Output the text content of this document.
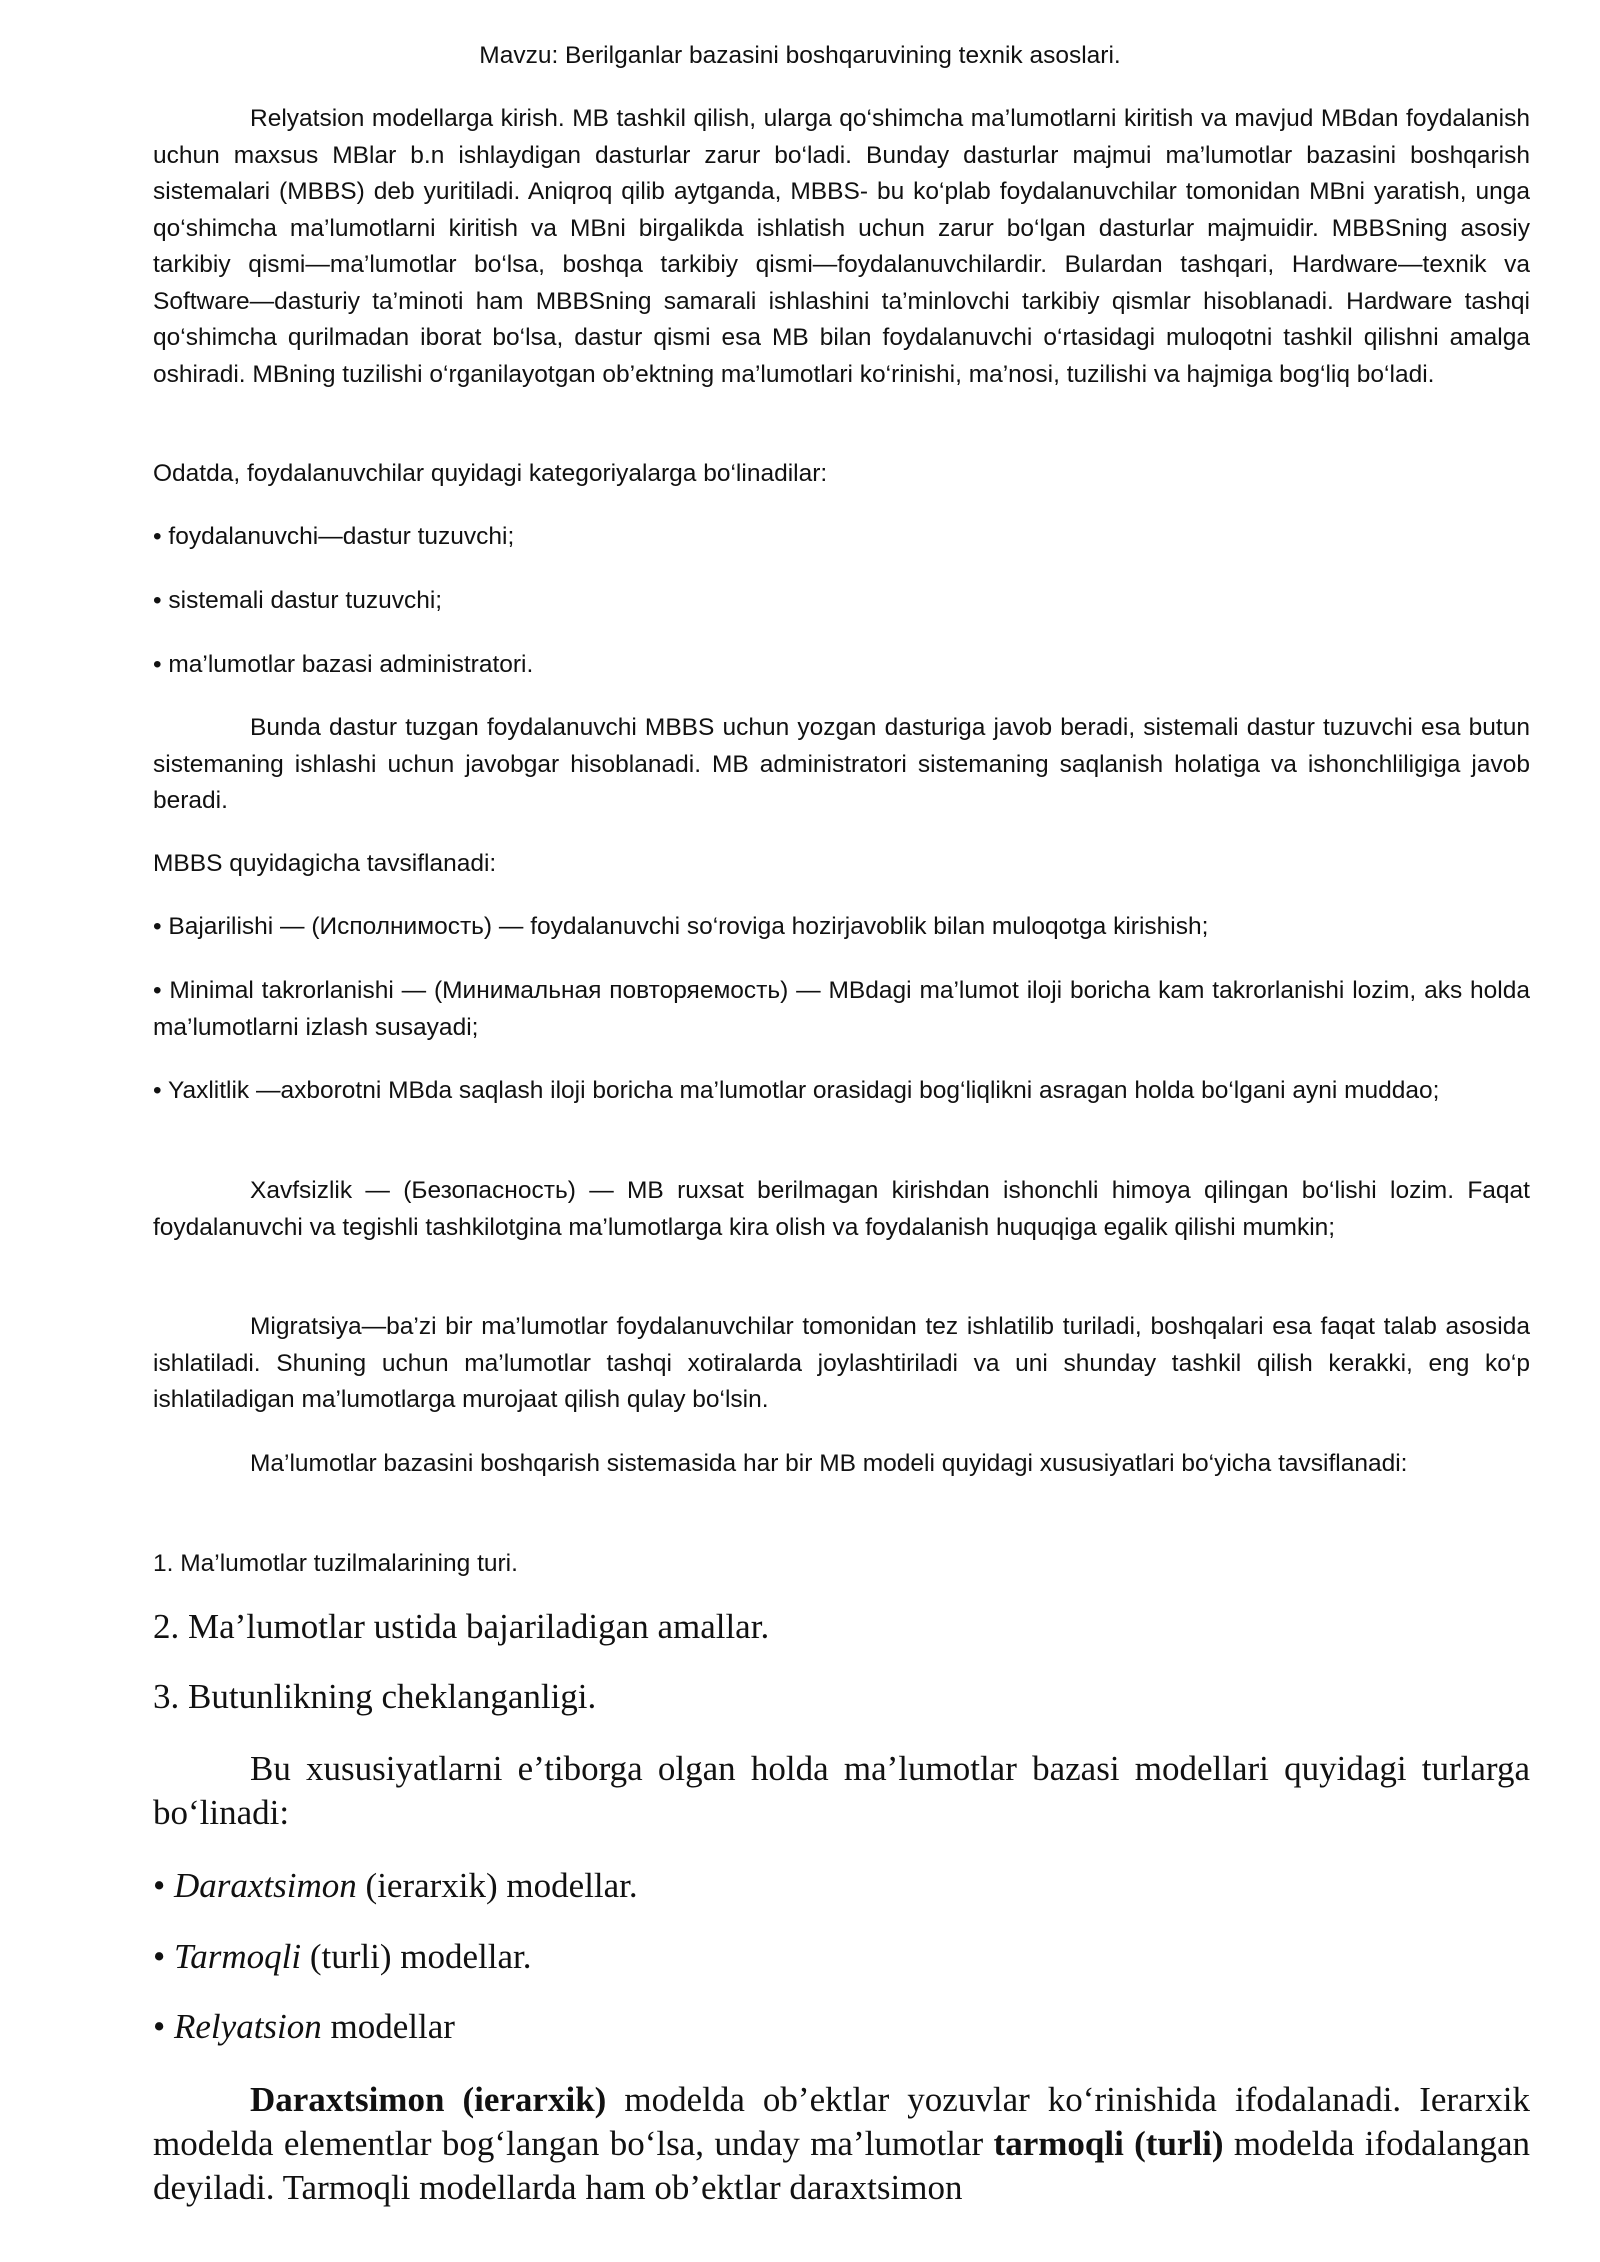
Mavzu: Berilganlar bazasini boshqaruvining texnik asoslari.

Relyatsion modellarga kirish. MB tashkil qilish, ularga qo‘shimcha ma’lumotlarni kiritish va mavjud MBdan foydalanish uchun maxsus MBlar b.n ishlaydigan dasturlar zarur bo‘ladi. Bunday dasturlar majmui ma’lumotlar bazasini boshqarish sistemalari (MBBS) deb yuritiladi. Aniqroq qilib aytganda, MBBS- bu ko‘plab foydalanuvchilar tomonidan MBni yaratish, unga qo‘shimcha ma’lumotlarni kiritish va MBni birgalikda ishlatish uchun zarur bo‘lgan dasturlar majmuidir. MBBSning asosiy tarkibiy qismi—ma’lumotlar bo‘lsa, boshqa tarkibiy qismi—foydalanuvchilardir. Bulardan tashqari, Hardware—texnik va Software—dasturiy ta’minoti ham MBBSning samarali ishlashini ta’minlovchi tarkibiy qismlar hisoblanadi. Hardware tashqi qo‘shimcha qurilmadan iborat bo‘lsa, dastur qismi esa MB bilan foydalanuvchi o‘rtasidagi muloqotni tashkil qilishni amalga oshiradi. MBning tuzilishi o‘rganilayotgan ob’ektning ma’lumotlari ko‘rinishi, ma’nosi, tuzilishi va hajmiga bog‘liq bo‘ladi.

Odatda, foydalanuvchilar quyidagi kategoriyalarga bo‘linadilar:

• foydalanuvchi—dastur tuzuvchi;

• sistemali dastur tuzuvchi;

• ma’lumotlar bazasi administratori.

Bunda dastur tuzgan foydalanuvchi MBBS uchun yozgan dasturiga javob beradi, sistemali dastur tuzuvchi esa butun sistemaning ishlashi uchun javobgar hisoblanadi. MB administratori sistemaning saqlanish holatiga va ishonchliligiga javob beradi.

MBBS quyidagicha tavsiflanadi:

• Bajarilishi — (Исполнимость) — foydalanuvchi so‘roviga hozirjavoblik bilan muloqotga kirishish;

• Minimal takrorlanishi — (Минимальная повторяемость) — MBdagi ma’lumot iloji boricha kam takrorlanishi lozim, aks holda ma’lumotlarni izlash susayadi;

• Yaxlitlik —axborotni MBda saqlash iloji boricha ma’lumotlar orasidagi bog‘liqlikni asragan holda bo‘lgani ayni muddao;

Xavfsizlik — (Безопасность) — MB ruxsat berilmagan kirishdan ishonchli himoya qilingan bo‘lishi lozim. Faqat foydalanuvchi va tegishli tashkilotgina ma’lumotlarga kira olish va foydalanish huquqiga egalik qilishi mumkin;

Migratsiya—ba’zi bir ma’lumotlar foydalanuvchilar tomonidan tez ishlatilib turiladi, boshqalari esa faqat talab asosida ishlatiladi. Shuning uchun ma’lumotlar tashqi xotiralarda joylashtiriladi va uni shunday tashkil qilish kerakki, eng ko‘p ishlatiladigan ma’lumotlarga murojaat qilish qulay bo‘lsin.

Ma’lumotlar bazasini boshqarish sistemasida har bir MB modeli quyidagi xususiyatlari bo‘yicha tavsiflanadi:

1. Ma’lumotlar tuzilmalarining turi.

2. Ma’lumotlar ustida bajariladigan amallar.

3. Butunlikning cheklanganligi.

Bu xususiyatlarni e’tiborga olgan holda ma’lumotlar bazasi modellari quyidagi turlarga bo‘linadi:

• Daraxtsimon (ierarxik) modellar.

• Tarmoqli (turli) modellar.

• Relyatsion modellar

Daraxtsimon (ierarxik) modelda ob’ektlar yozuvlar ko‘rinishida ifodalanadi. Ierarxik modelda elementlar bog‘langan bo‘lsa, unday ma’lumotlar tarmoqli (turli) modelda ifodalangan deyiladi. Tarmoqli modellarda ham ob’ektlar daraxtsimon
